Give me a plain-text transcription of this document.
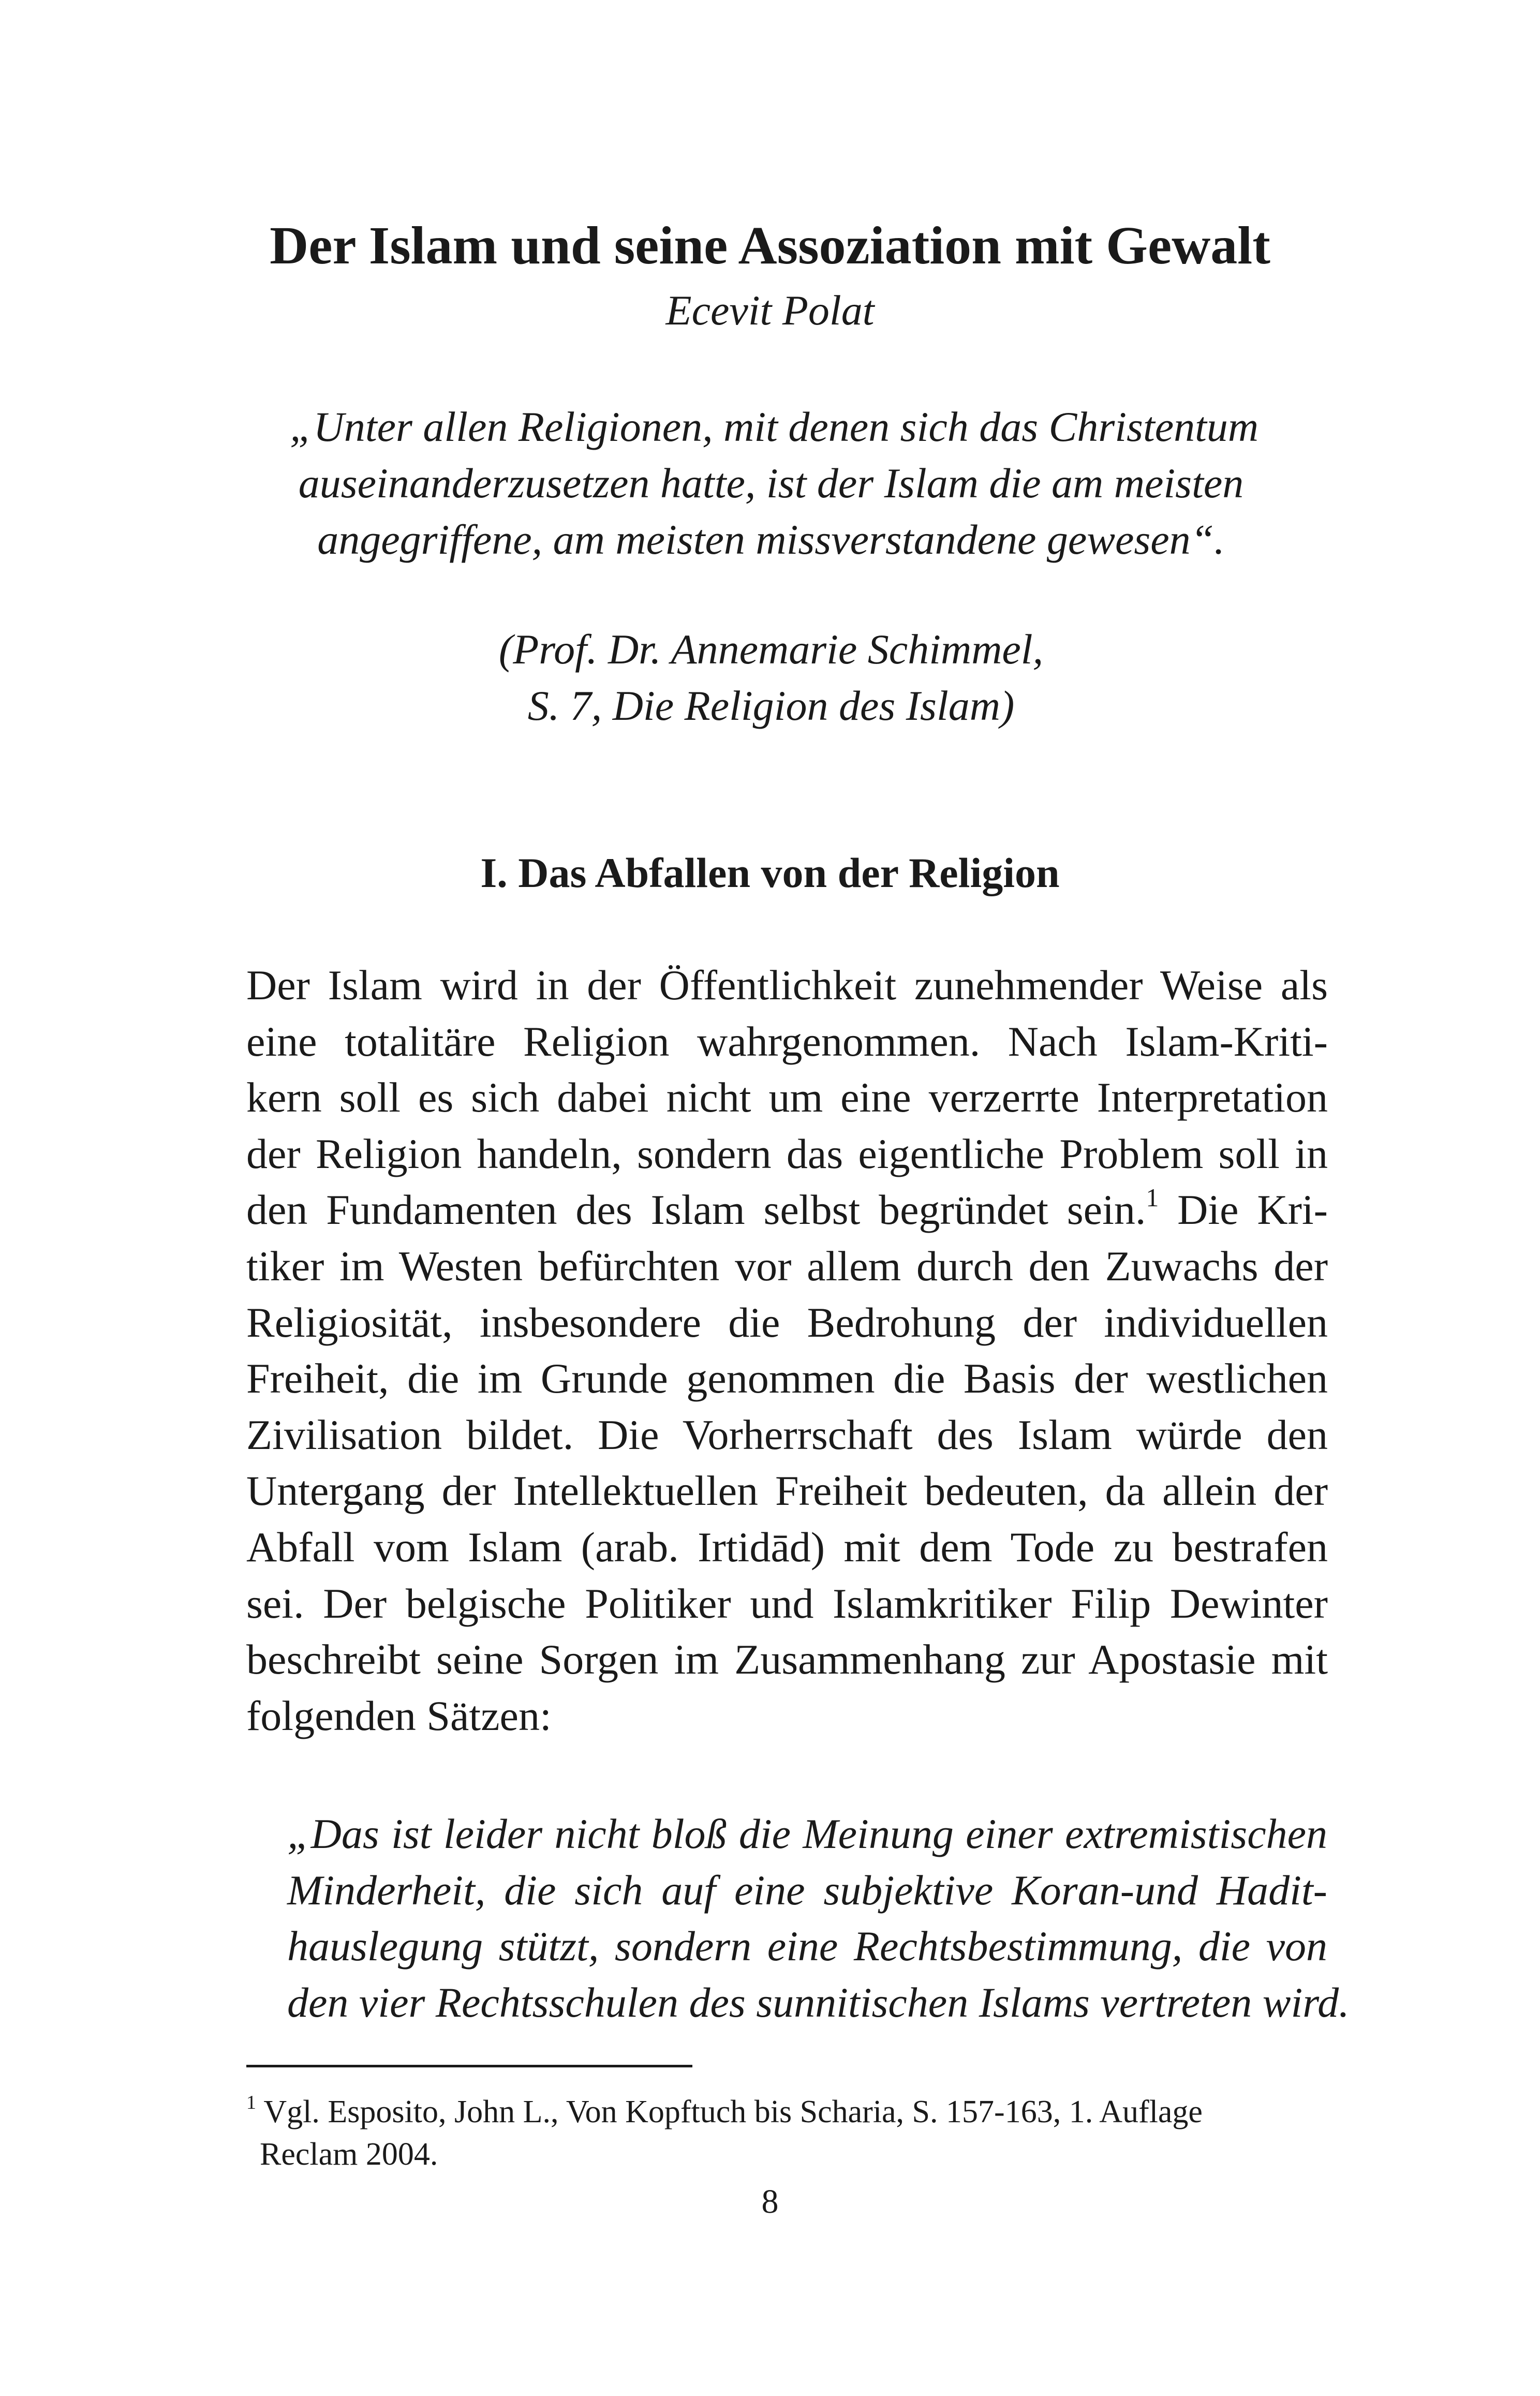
Der Islam und seine Assoziation mit Gewalt
Ecevit Polat
„Unter allen Religionen, mit denen sich das Christentum
auseinanderzusetzen hatte, ist der Islam die am meisten
angegriffene, am meisten missverstandene gewesen“.
(Prof. Dr. Annemarie Schimmel,
S. 7, Die Religion des Islam)
I. Das Abfallen von der Religion
Der Islam wird in der Öffentlichkeit zunehmender Weise als
eine totalitäre Religion wahrgenommen. Nach Islam-Kriti-
kern soll es sich dabei nicht um eine verzerrte Interpretation
der Religion handeln, sondern das eigentliche Problem soll in
den Fundamenten des Islam selbst begründet sein.$^1$ Die Kri-
tiker im Westen befürchten vor allem durch den Zuwachs der
Religiosität, insbesondere die Bedrohung der individuellen
Freiheit, die im Grunde genommen die Basis der westlichen
Zivilisation bildet. Die Vorherrschaft des Islam würde den
Untergang der Intellektuellen Freiheit bedeuten, da allein der
Abfall vom Islam (arab. Irtidād) mit dem Tode zu bestrafen
sei. Der belgische Politiker und Islamkritiker Filip Dewinter
beschreibt seine Sorgen im Zusammenhang zur Apostasie mit
folgenden Sätzen:
„Das ist leider nicht bloß die Meinung einer extremistischen
Minderheit, die sich auf eine subjektive Koran-und Hadit-
hauslegung stützt, sondern eine Rechtsbestimmung, die von
den vier Rechtsschulen des sunnitischen Islams vertreten wird.
$^1$ Vgl. Esposito, John L., Von Kopftuch bis Scharia, S. 157-163, 1. Auflage
Reclam 2004.
8
